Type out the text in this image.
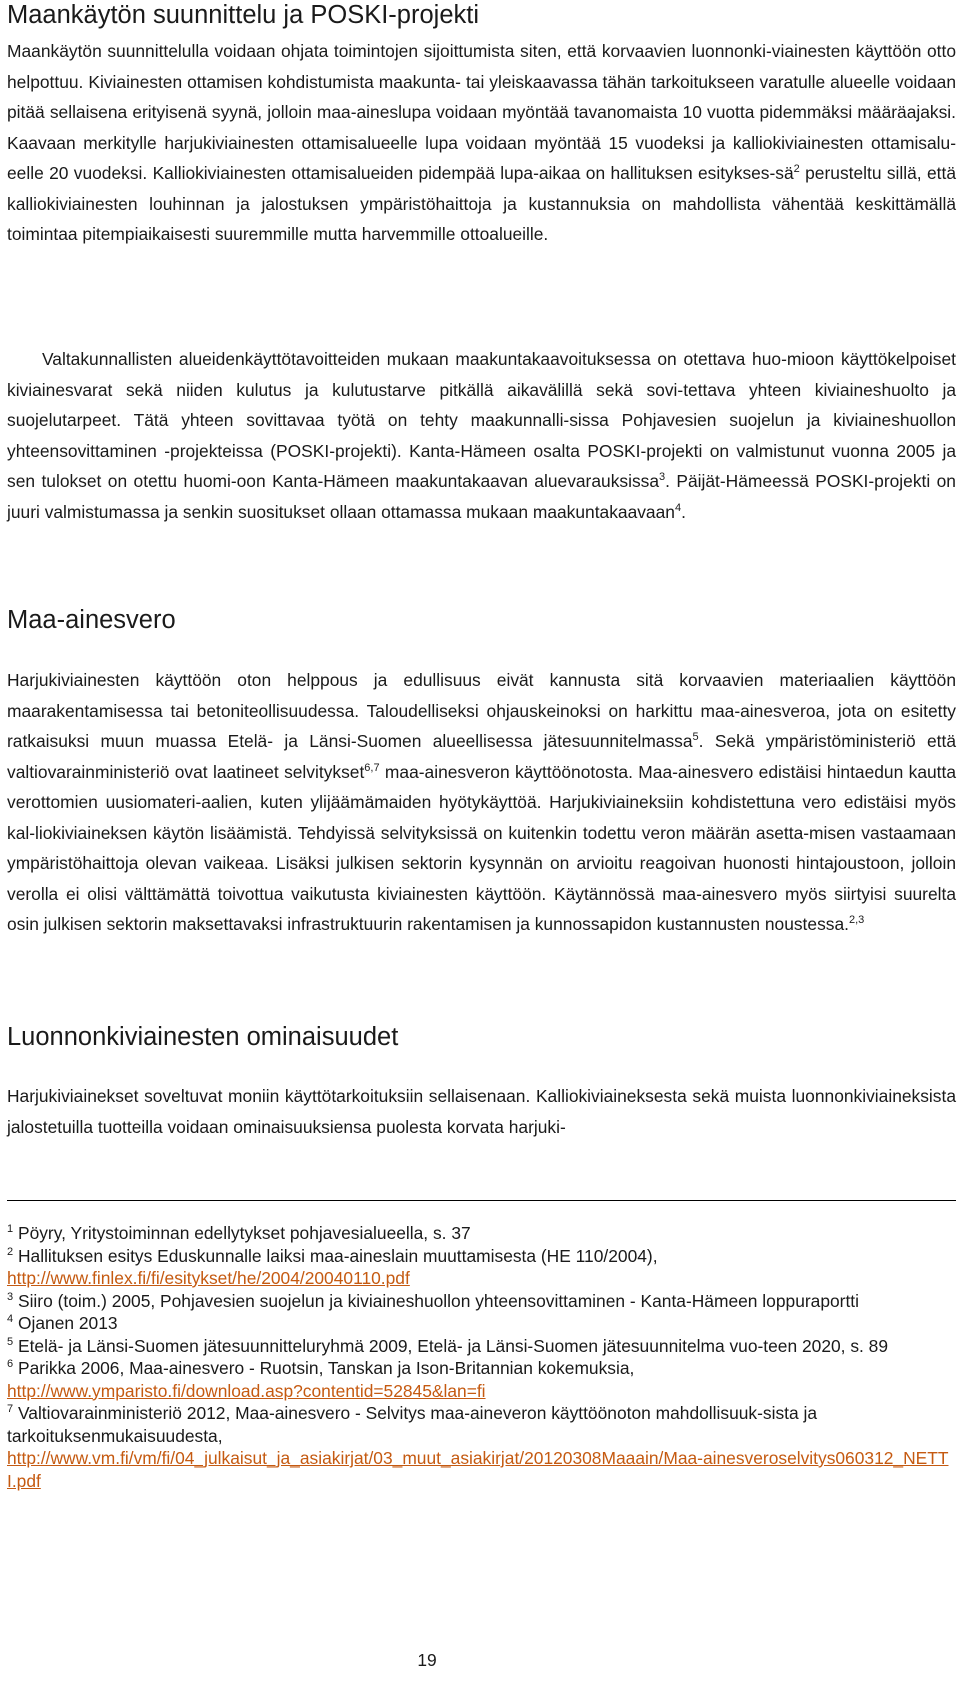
Maankäytön suunnittelu ja POSKI-projekti

Maankäytön suunnittelulla voidaan ohjata toimintojen sijoittumista siten, että korvaavien luonnonki-viainesten käyttöön otto helpottuu. Kiviainesten ottamisen kohdistumista maakunta- tai yleiskaavassa tähän tarkoitukseen varatulle alueelle voidaan pitää sellaisena erityisenä syynä, jolloin maa-aineslupa voidaan myöntää tavanomaista 10 vuotta pidemmäksi määräajaksi. Kaavaan merkitylle harjukiviainesten ottamisalueelle lupa voidaan myöntää 15 vuodeksi ja kalliokiviainesten ottamisalu-eelle 20 vuodeksi. Kalliokiviainesten ottamisalueiden pidempää lupa-aikaa on hallituksen esitykses-$sä^2$ perusteltu sillä, että kalliokiviainesten louhinnan ja jalostuksen ympäristöhaittoja ja kustannuksia on mahdollista vähentää keskittämällä toimintaa pitempiaikaisesti suuremmille mutta harvemmille ottoalueille.

Valtakunnallisten alueidenkäyttötavoitteiden mukaan maakuntakaavoituksessa on otettava huo-mioon käyttökelpoiset kiviainesvarat sekä niiden kulutus ja kulutustarve pitkällä aikavälillä sekä sovi-tettava yhteen kiviaineshuolto ja suojelutarpeet. Tätä yhteen sovittavaa työtä on tehty maakunnalli-sissa Pohjavesien suojelun ja kiviaineshuollon yhteensovittaminen -projekteissa (POSKI-projekti). Kanta-Hämeen osalta POSKI-projekti on valmistunut vuonna 2005 ja sen tulokset on otettu huomi-oon Kanta-Hämeen maakuntakaavan aluevarauksissa$^3$. Päijät-Hämeessä POSKI-projekti on juuri valmistumassa ja senkin suositukset ollaan ottamassa mukaan maakuntakaavaan$^4$.

Maa-ainesvero

Harjukiviainesten käyttöön oton helppous ja edullisuus eivät kannusta sitä korvaavien materiaalien käyttöön maarakentamisessa tai betoniteollisuudessa. Taloudelliseksi ohjauskeinoksi on harkittu maa-ainesveroa, jota on esitetty ratkaisuksi muun muassa Etelä- ja Länsi-Suomen alueellisessa jätesuunnitelmassa$^5$. Sekä ympäristöministeriö että valtiovarainministeriö ovat laatineet selvitykset$^{6,7}$ maa-ainesveron käyttöönotosta. Maa-ainesvero edistäisi hintaedun kautta verottomien uusiomateri-aalien, kuten ylijäämämaiden hyötykäyttöä. Harjukiviaineksiin kohdistettuna vero edistäisi myös kal-liokiviaineksen käytön lisäämistä. Tehdyissä selvityksissä on kuitenkin todettu veron määrän asetta-misen vastaamaan ympäristöhaittoja olevan vaikeaa. Lisäksi julkisen sektorin kysynnän on arvioitu reagoivan huonosti hintajoustoon, jolloin verolla ei olisi välttämättä toivottua vaikutusta kiviainesten käyttöön. Käytännössä maa-ainesvero myös siirtyisi suurelta osin julkisen sektorin maksettavaksi infrastruktuurin rakentamisen ja kunnossapidon kustannusten noustessa.$^{2,3}$

Luonnonkiviainesten ominaisuudet

Harjukiviainekset soveltuvat moniin käyttötarkoituksiin sellaisenaan. Kalliokiviaineksesta sekä muista luonnonkiviaineksista jalostetuilla tuotteilla voidaan ominaisuuksiensa puolesta korvata harjuki-

$^1$ Pöyry, Yritystoiminnan edellytykset pohjavesialueella, s. 37
$^2$ Hallituksen esitys Eduskunnalle laiksi maa-aineslain muuttamisesta (HE 110/2004),
http://www.finlex.fi/fi/esitykset/he/2004/20040110.pdf
$^3$ Siiro (toim.) 2005, Pohjavesien suojelun ja kiviaineshuollon yhteensovittaminen - Kanta-Hämeen loppuraportti
$^4$ Ojanen 2013
$^5$ Etelä- ja Länsi-Suomen jätesuunnitteluryhmä 2009, Etelä- ja Länsi-Suomen jätesuunnitelma vuo-teen 2020, s. 89
$^6$ Parikka 2006, Maa-ainesvero - Ruotsin, Tanskan ja Ison-Britannian kokemuksia,
http://www.ymparisto.fi/download.asp?contentid=52845&lan=fi
$^7$ Valtiovarainministeriö 2012, Maa-ainesvero - Selvitys maa-aineveron käyttöönoton mahdollisuuk-sista ja tarkoituksenmukaisuudesta,
http://www.vm.fi/vm/fi/04_julkaisut_ja_asiakirjat/03_muut_asiakirjat/20120308Maaain/Maa-ainesveroselvitys060312_NETTI.pdf
19
